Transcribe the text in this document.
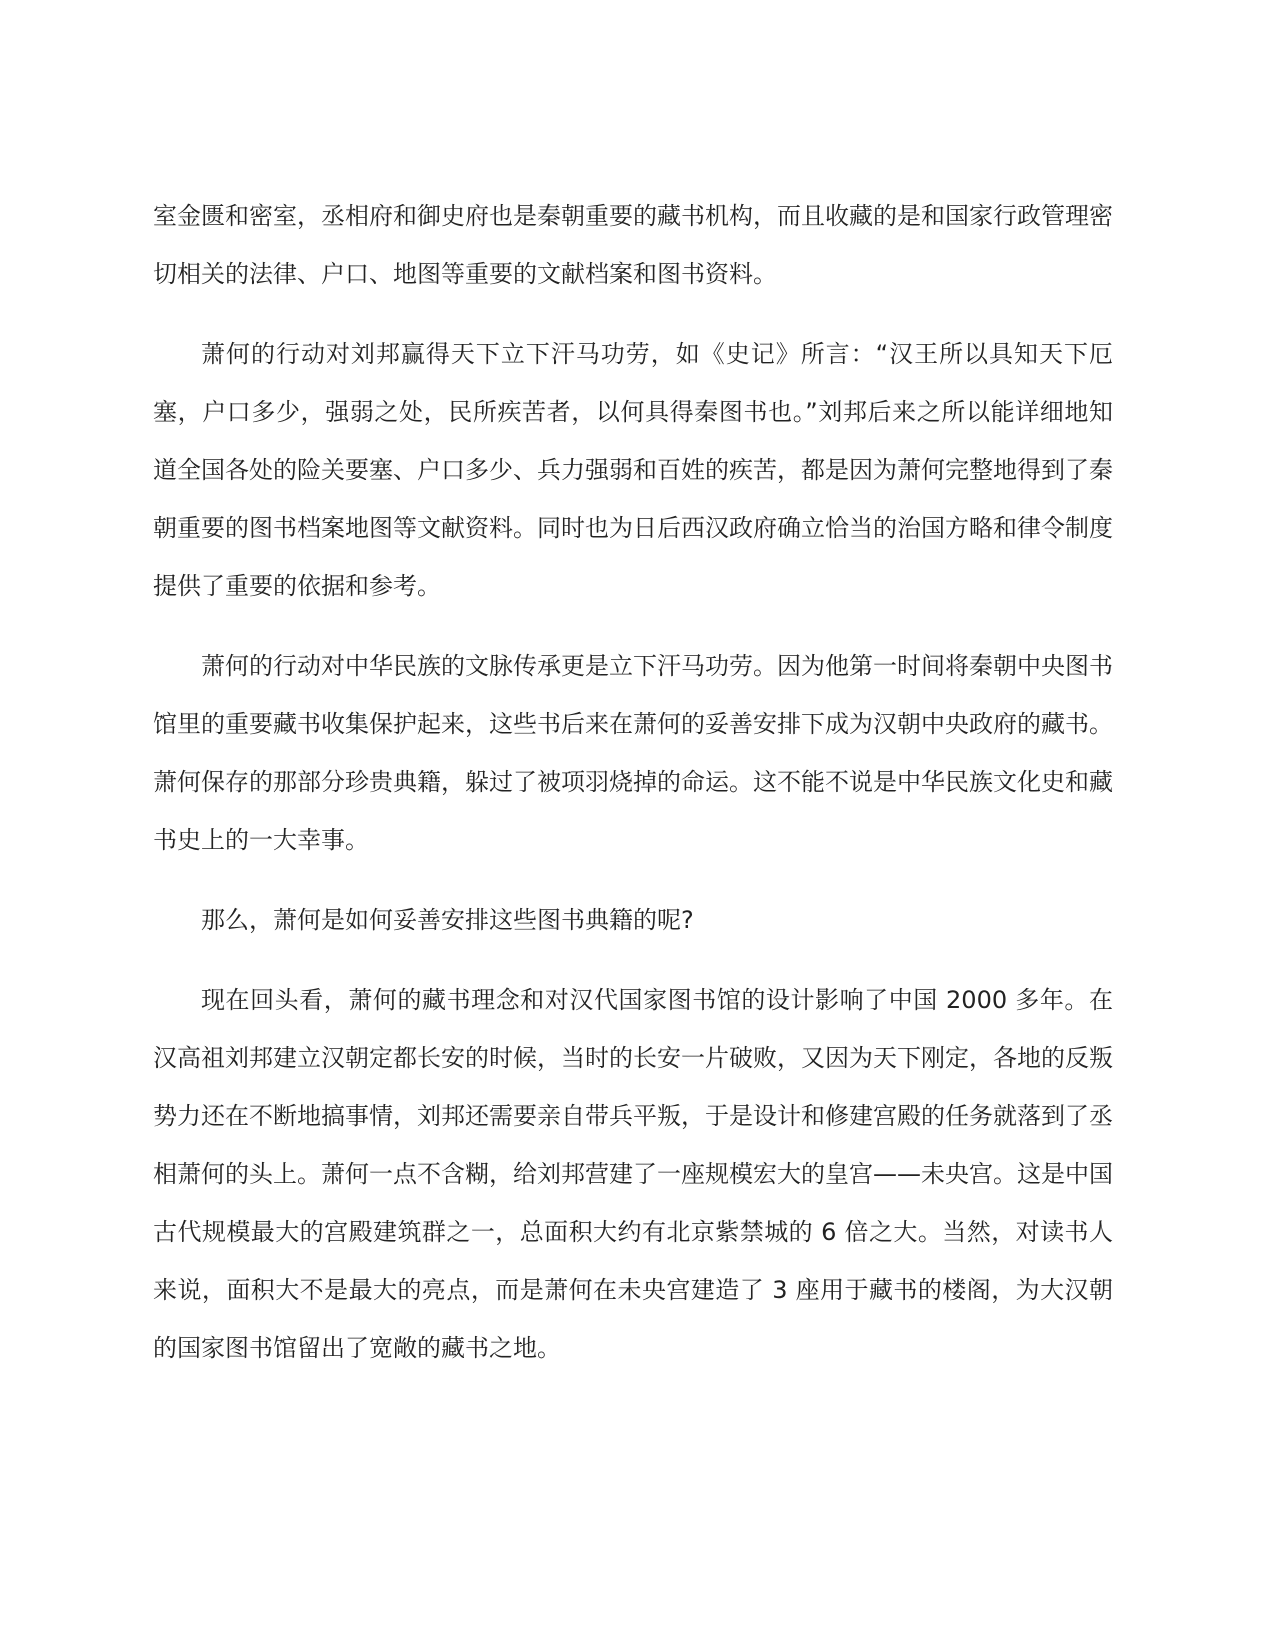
室金匮和密室，丞相府和御史府也是秦朝重要的藏书机构，而且收藏的是和国家行政管理密切相关的法律、户口、地图等重要的文献档案和图书资料。

萧何的行动对刘邦赢得天下立下汗马功劳，如《史记》所言：“汉王所以具知天下厄塞，户口多少，强弱之处，民所疾苦者，以何具得秦图书也。”刘邦后来之所以能详细地知道全国各处的险关要塞、户口多少、兵力强弱和百姓的疾苦，都是因为萧何完整地得到了秦朝重要的图书档案地图等文献资料。同时也为日后西汉政府确立恰当的治国方略和律令制度提供了重要的依据和参考。

萧何的行动对中华民族的文脉传承更是立下汗马功劳。因为他第一时间将秦朝中央图书馆里的重要藏书收集保护起来，这些书后来在萧何的妥善安排下成为汉朝中央政府的藏书。萧何保存的那部分珍贵典籍，躲过了被项羽烧掉的命运。这不能不说是中华民族文化史和藏书史上的一大幸事。

那么，萧何是如何妥善安排这些图书典籍的呢?

现在回头看，萧何的藏书理念和对汉代国家图书馆的设计影响了中国 2000 多年。在汉高祖刘邦建立汉朝定都长安的时候，当时的长安一片破败，又因为天下刚定，各地的反叛势力还在不断地搞事情，刘邦还需要亲自带兵平叛，于是设计和修建宫殿的任务就落到了丞相萧何的头上。萧何一点不含糊，给刘邦营建了一座规模宏大的皇宫——未央宫。这是中国古代规模最大的宫殿建筑群之一，总面积大约有北京紫禁城的 6 倍之大。当然，对读书人来说，面积大不是最大的亮点，而是萧何在未央宫建造了 3 座用于藏书的楼阁，为大汉朝的国家图书馆留出了宽敞的藏书之地。
